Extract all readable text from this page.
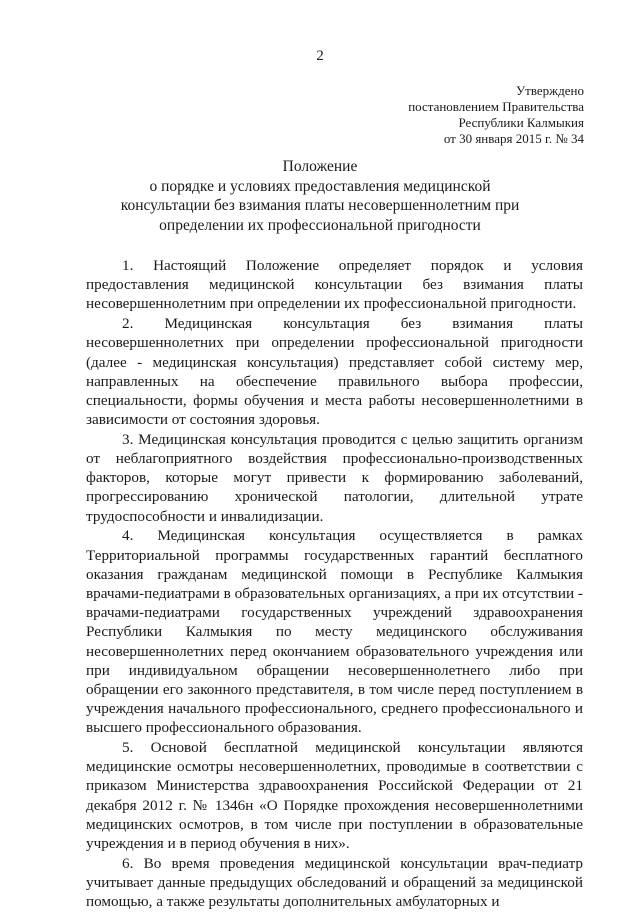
2
Утверждено
постановлением Правительства
Республики Калмыкия
от 30 января 2015 г. № 34
Положение
о порядке и условиях предоставления медицинской
консультации без взимания платы несовершеннолетним при
определении их профессиональной пригодности

1. Настоящий Положение определяет порядок и условия предоставления медицинской консультации без взимания платы несовершеннолетним при определении их профессиональной пригодности.

2. Медицинская консультация без взимания платы несовершеннолетних при определении профессиональной пригодности (далее - медицинская консультация) представляет собой систему мер, направленных на обеспечение правильного выбора профессии, специальности, формы обучения и места работы несовершеннолетними в зависимости от состояния здоровья.

3. Медицинская консультация проводится с целью защитить организм от неблагоприятного воздействия профессионально-производственных факторов, которые могут привести к формированию заболеваний, прогрессированию хронической патологии, длительной утрате трудоспособности и инвалидизации.

4. Медицинская консультация осуществляется в рамках Территориальной программы государственных гарантий бесплатного оказания гражданам медицинской помощи в Республике Калмыкия врачами-педиатрами в образовательных организациях, а при их отсутствии - врачами-педиатрами государственных учреждений здравоохранения Республики Калмыкия по месту медицинского обслуживания несовершеннолетних перед окончанием образовательного учреждения или при индивидуальном обращении несовершеннолетнего либо при обращении его законного представителя, в том числе перед поступлением в учреждения начального профессионального, среднего профессионального и высшего профессионального образования.

5. Основой бесплатной медицинской консультации являются медицинские осмотры несовершеннолетних, проводимые в соответствии с приказом Министерства здравоохранения Российской Федерации от 21 декабря 2012 г. № 1346н «О Порядке прохождения несовершеннолетними медицинских осмотров, в том числе при поступлении в образовательные учреждения и в период обучения в них».

6. Во время проведения медицинской консультации врач-педиатр учитывает данные предыдущих обследований и обращений за медицинской помощью, а также результаты дополнительных амбулаторных и
